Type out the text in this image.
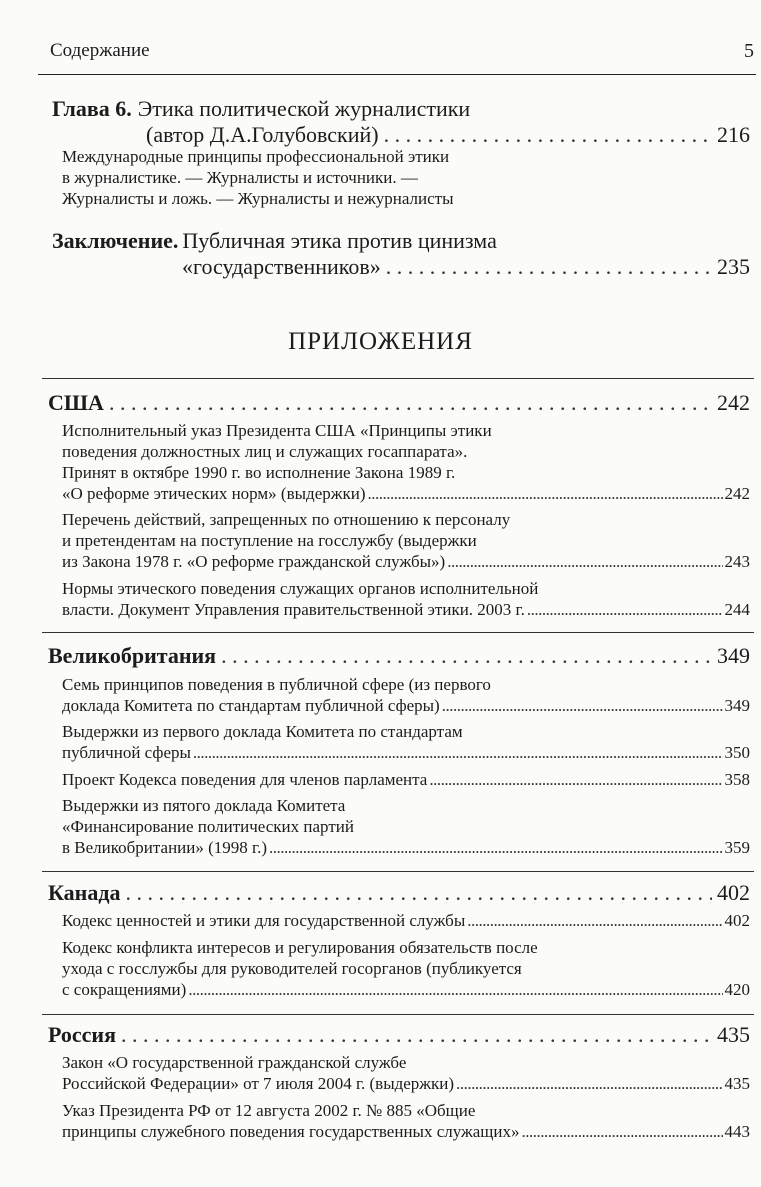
Содержание	5
Глава 6. Этика политической журналистики
(автор Д.А.Голубовский) . . .	216
Международные принципы профессиональной этики
в журналистике. — Журналисты и источники. —
Журналисты и ложь. — Журналисты и нежурналисты
Заключение. Публичная этика против цинизма
«государственников» . . .	235
ПРИЛОЖЕНИЯ
США . . .	242
Исполнительный указ Президента США «Принципы этики
поведения должностных лиц и служащих госаппарата».
Принят в октябре 1990 г. во исполнение Закона 1989 г.
«О реформе этических норм» (выдержки) .....	242
Перечень действий, запрещенных по отношению к персоналу
и претендентам на поступление на госслужбу (выдержки
из Закона 1978 г. «О реформе гражданской службы») .....	243
Нормы этического поведения служащих органов исполнительной
власти. Документ Управления правительственной этики. 2003 г. .....	244
Великобритания . . .	349
Семь принципов поведения в публичной сфере (из первого
доклада Комитета по стандартам публичной сферы) .....	349
Выдержки из первого доклада Комитета по стандартам
публичной сферы .....	350
Проект Кодекса поведения для членов парламента .....	358
Выдержки из пятого доклада Комитета
«Финансирование политических партий
в Великобритании» (1998 г.) .....	359
Канада . . .	402
Кодекс ценностей и этики для государственной службы .....	402
Кодекс конфликта интересов и регулирования обязательств после
ухода с госслужбы для руководителей госорганов (публикуется
с сокращениями) .....	420
Россия . . .	435
Закон «О государственной гражданской службе
Российской Федерации» от 7 июля 2004 г. (выдержки) .....	435
Указ Президента РФ от 12 августа 2002 г. № 885 «Общие
принципы служебного поведения государственных служащих» .....	443
